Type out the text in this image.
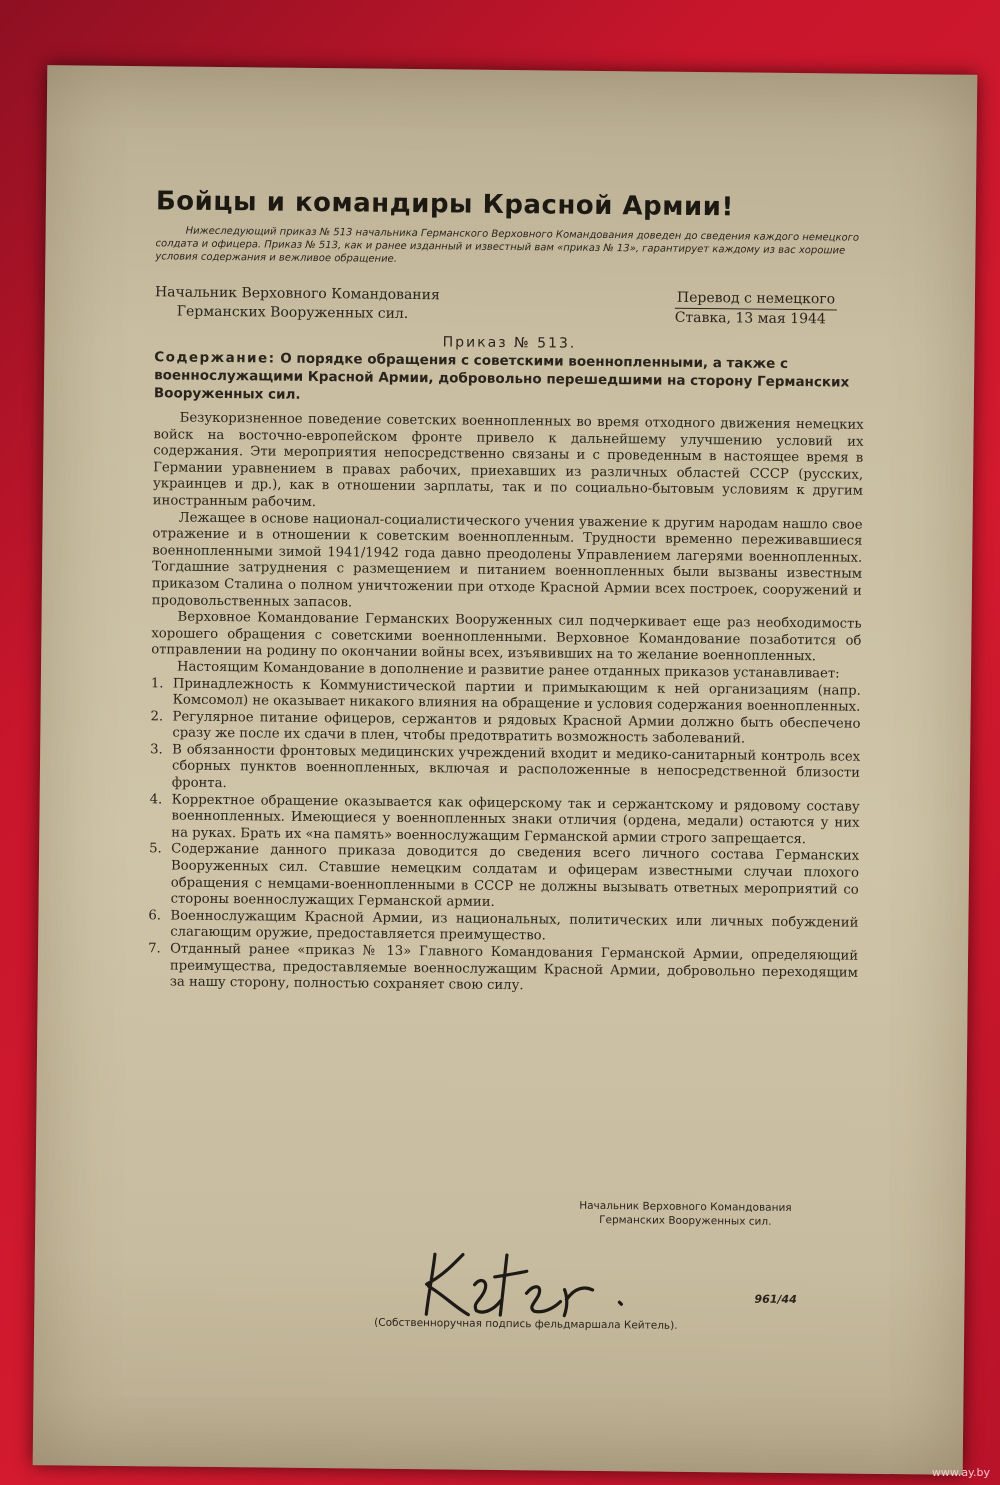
Бойцы и командиры Красной Армии!

Нижеследующий приказ № 513 начальника Германского Верховного Командования доведен до сведения каждого немецкого солдата и офицера. Приказ № 513, как и ранее изданный и известный вам «приказ № 13», гарантирует каждому из вас хорошие условия содержания и вежливое обращение.

Начальник Верховного Командования
Германских Вооруженных сил.
Перевод с немецкого
Ставка, 13 мая 1944
Приказ № 513.

Содержание: О порядке обращения с советскими военнопленными, а также с военнослужащими Красной Армии, добровольно перешедшими на сторону Германских Вооруженных сил.

Безукоризненное поведение советских военнопленных во время отходного движения немецких войск на восточно-европейском фронте привело к дальнейшему улучшению условий их содержания. Эти мероприятия непосредственно связаны и с проведенным в настоящее время в Германии уравнением в правах рабочих, приехавших из различных областей СССР (русских, украинцев и др.), как в отношении зарплаты, так и по социально-бытовым условиям к другим иностранным рабочим.

Лежащее в основе национал-социалистического учения уважение к другим народам нашло свое отражение и в отношении к советским военнопленным. Трудности временно переживавшиеся военнопленными зимой 1941/1942 года давно преодолены Управлением лагерями военнопленных. Тогдашние затруднения с размещением и питанием военнопленных были вызваны известным приказом Сталина о полном уничтожении при отходе Красной Армии всех построек, сооружений и продовольственных запасов.

Верховное Командование Германских Вооруженных сил подчеркивает еще раз необходимость хорошего обращения с советскими военнопленными. Верховное Командование позаботится об отправлении на родину по окончании войны всех, изъявивших на то желание военнопленных.

Настоящим Командование в дополнение и развитие ранее отданных приказов устанавливает:

1. Принадлежность к Коммунистической партии и примыкающим к ней организациям (напр. Комсомол) не оказывает никакого влияния на обращение и условия содержания военнопленных.
2. Регулярное питание офицеров, сержантов и рядовых Красной Армии должно быть обеспечено сразу же после их сдачи в плен, чтобы предотвратить возможность заболеваний.
3. В обязанности фронтовых медицинских учреждений входит и медико-санитарный контроль всех сборных пунктов военнопленных, включая и расположенные в непосредственной близости фронта.
4. Корректное обращение оказывается как офицерскому так и сержантскому и рядовому составу военнопленных. Имеющиеся у военнопленных знаки отличия (ордена, медали) остаются у них на руках. Брать их «на память» военнослужащим Германской армии строго запрещается.
5. Содержание данного приказа доводится до сведения всего личного состава Германских Вооруженных сил. Ставшие немецким солдатам и офицерам известными случаи плохого обращения с немцами-военнопленными в СССР не должны вызывать ответных мероприятий со стороны военнослужащих Германской армии.
6. Военнослужащим Красной Армии, из национальных, политических или личных побуждений слагающим оружие, предоставляется преимущество.
7. Отданный ранее «приказ № 13» Главного Командования Германской Армии, определяющий преимущества, предоставляемые военнослужащим Красной Армии, добровольно переходящим за нашу сторону, полностью сохраняет свою силу.
Начальник Верховного Командования
Германских Вооруженных сил.
961/44
(Собственноручная подпись фельдмаршала Кейтель).
www.ay.by
